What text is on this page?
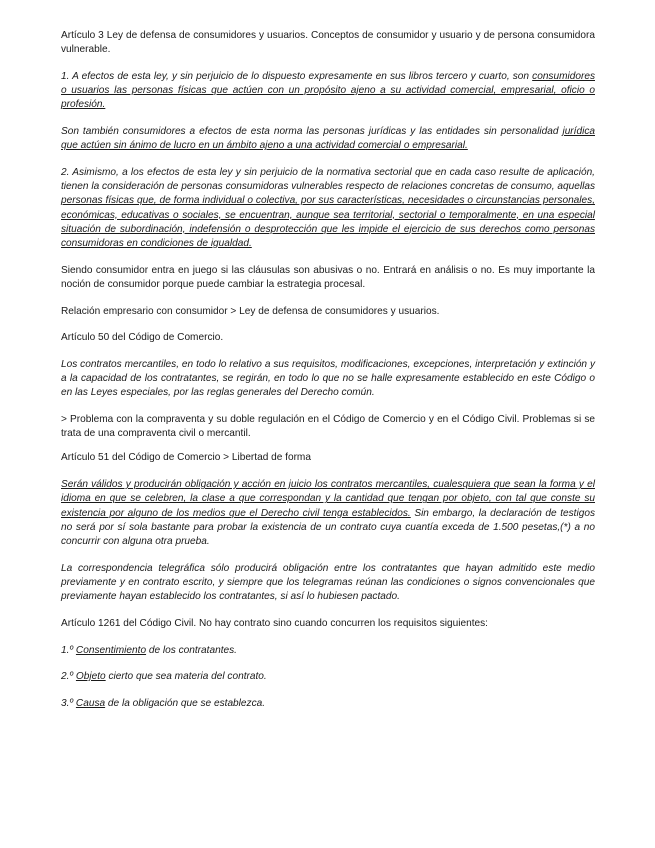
Artículo 3 Ley de defensa de consumidores y usuarios. Conceptos de consumidor y usuario y de persona consumidora vulnerable.

1. A efectos de esta ley, y sin perjuicio de lo dispuesto expresamente en sus libros tercero y cuarto, son consumidores o usuarios las personas físicas que actúen con un propósito ajeno a su actividad comercial, empresarial, oficio o profesión.

Son también consumidores a efectos de esta norma las personas jurídicas y las entidades sin personalidad jurídica que actúen sin ánimo de lucro en un ámbito ajeno a una actividad comercial o empresarial.

2. Asimismo, a los efectos de esta ley y sin perjuicio de la normativa sectorial que en cada caso resulte de aplicación, tienen la consideración de personas consumidoras vulnerables respecto de relaciones concretas de consumo, aquellas personas físicas que, de forma individual o colectiva, por sus características, necesidades o circunstancias personales, económicas, educativas o sociales, se encuentran, aunque sea territorial, sectorial o temporalmente, en una especial situación de subordinación, indefensión o desprotección que les impide el ejercicio de sus derechos como personas consumidoras en condiciones de igualdad.

Siendo consumidor entra en juego si las cláusulas son abusivas o no. Entrará en análisis o no. Es muy importante la noción de consumidor porque puede cambiar la estrategia procesal.

Relación empresario con consumidor > Ley de defensa de consumidores y usuarios.

Artículo 50 del Código de Comercio.

Los contratos mercantiles, en todo lo relativo a sus requisitos, modificaciones, excepciones, interpretación y extinción y a la capacidad de los contratantes, se regirán, en todo lo que no se halle expresamente establecido en este Código o en las Leyes especiales, por las reglas generales del Derecho común.

> Problema con la compraventa y su doble regulación en el Código de Comercio y en el Código Civil. Problemas si se trata de una compraventa civil o mercantil.

Artículo 51 del Código de Comercio > Libertad de forma

Serán válidos y producirán obligación y acción en juicio los contratos mercantiles, cualesquiera que sean la forma y el idioma en que se celebren, la clase a que correspondan y la cantidad que tengan por objeto, con tal que conste su existencia por alguno de los medios que el Derecho civil tenga establecidos. Sin embargo, la declaración de testigos no será por sí sola bastante para probar la existencia de un contrato cuya cuantía exceda de 1.500 pesetas,(*) a no concurrir con alguna otra prueba.

La correspondencia telegráfica sólo producirá obligación entre los contratantes que hayan admitido este medio previamente y en contrato escrito, y siempre que los telegramas reúnan las condiciones o signos convencionales que previamente hayan establecido los contratantes, si así lo hubiesen pactado.

Artículo 1261 del Código Civil. No hay contrato sino cuando concurren los requisitos siguientes:

1.º Consentimiento de los contratantes.

2.º Objeto cierto que sea materia del contrato.

3.º Causa de la obligación que se establezca.
